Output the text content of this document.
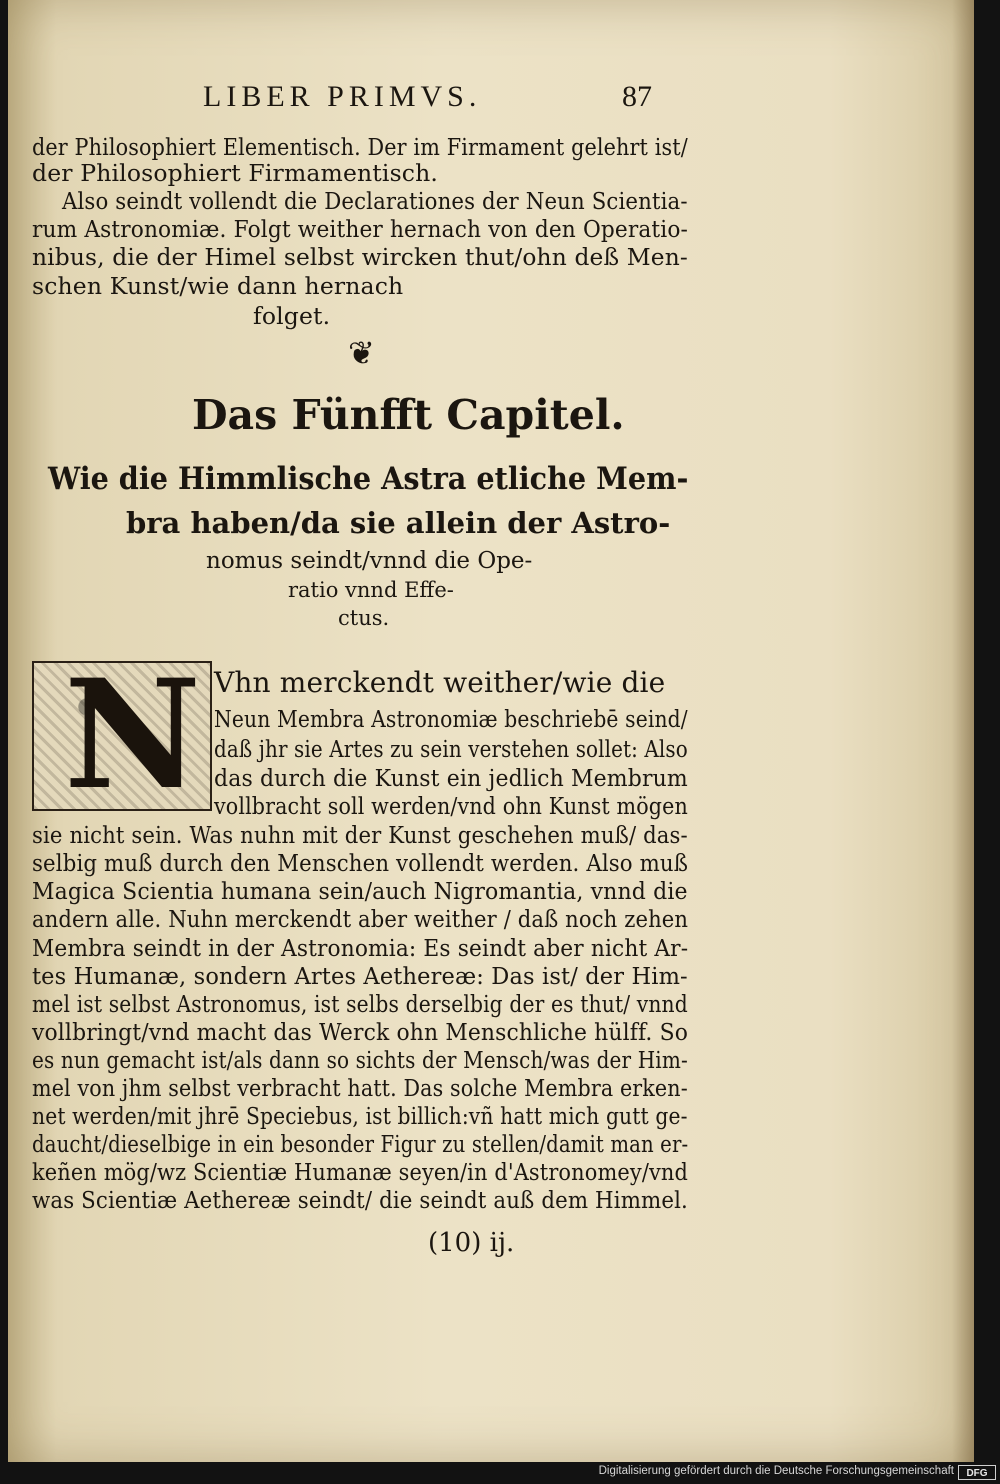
LIBER PRIMVS.	87
der Philosophiert Elementisch. Der im Firmament gelehrt ist/
der Philosophiert Firmamentisch.
Also seindt vollendt die Declarationes der Neun Scientia-
rum Astronomiæ. Folgt weither hernach von den Operatio-
nibus, die der Himel selbst wircken thut/ohn deß Men-
schen Kunst/wie dann hernach
folget.
❦
Das Fünfft Capitel.
Wie die Himmlische Astra etliche Mem-
bra haben/da sie allein der Astro-
nomus seindt/vnnd die Ope-
ratio vnnd Effe-
ctus.
N Vhn merckendt weither/wie die
Neun Membra Astronomiæ beschriebē seind/
daß jhr sie Artes zu sein verstehen sollet: Also
das durch die Kunst ein jedlich Membrum
vollbracht soll werden/vnd ohn Kunst mögen
sie nicht sein. Was nuhn mit der Kunst geschehen muß/ das-
selbig muß durch den Menschen vollendt werden. Also muß
Magica Scientia humana sein/auch Nigromantia, vnnd die
andern alle. Nuhn merckendt aber weither / daß noch zehen
Membra seindt in der Astronomia: Es seindt aber nicht Ar-
tes Humanæ, sondern Artes Aethereæ: Das ist/ der Him-
mel ist selbst Astronomus, ist selbs derselbig der es thut/ vnnd
vollbringt/vnd macht das Werck ohn Menschliche hülff. So
es nun gemacht ist/als dann so sichts der Mensch/was der Him-
mel von jhm selbst verbracht hatt. Das solche Membra erken-
net werden/mit jhrē Speciebus, ist billich:vñ hatt mich gutt ge-
daucht/dieselbige in ein besonder Figur zu stellen/damit man er-
keñen mög/wz Scientiæ Humanæ seyen/in d'Astronomey/vnd
was Scientiæ Aethereæ seindt/ die seindt auß dem Himmel.
(10) ij.
Digitalisierung gefördert durch die Deutsche Forschungsgemeinschaft	DFG
